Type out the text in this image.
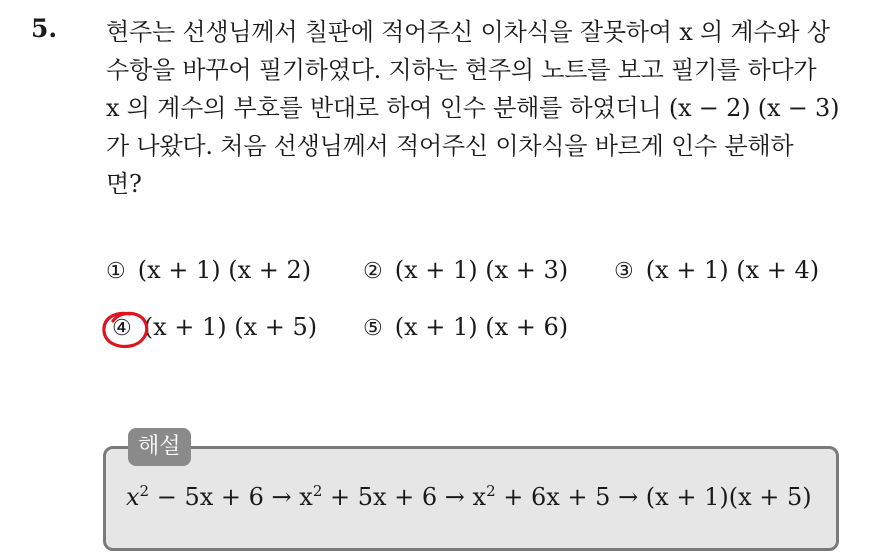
5. 현주는 선생님께서 칠판에 적어주신 이차식을 잘못하여 x 의 계수와 상
수항을 바꾸어 필기하였다. 지하는 현주의 노트를 보고 필기를 하다가
x 의 계수의 부호를 반대로 하여 인수 분해를 하였더니 (x − 2) (x − 3)
가 나왔다. 처음 선생님께서 적어주신 이차식을 바르게 인수 분해하
면?
① (x + 1) (x + 2) ② (x + 1) (x + 3) ③ (x + 1) (x + 4)
④ (x + 1) (x + 5) ⑤ (x + 1) (x + 6)
해설
$x^2 - 5x + 6 \to x^2 + 5x + 6 \to x^2 + 6x + 5 \to (x + 1)(x + 5)$
